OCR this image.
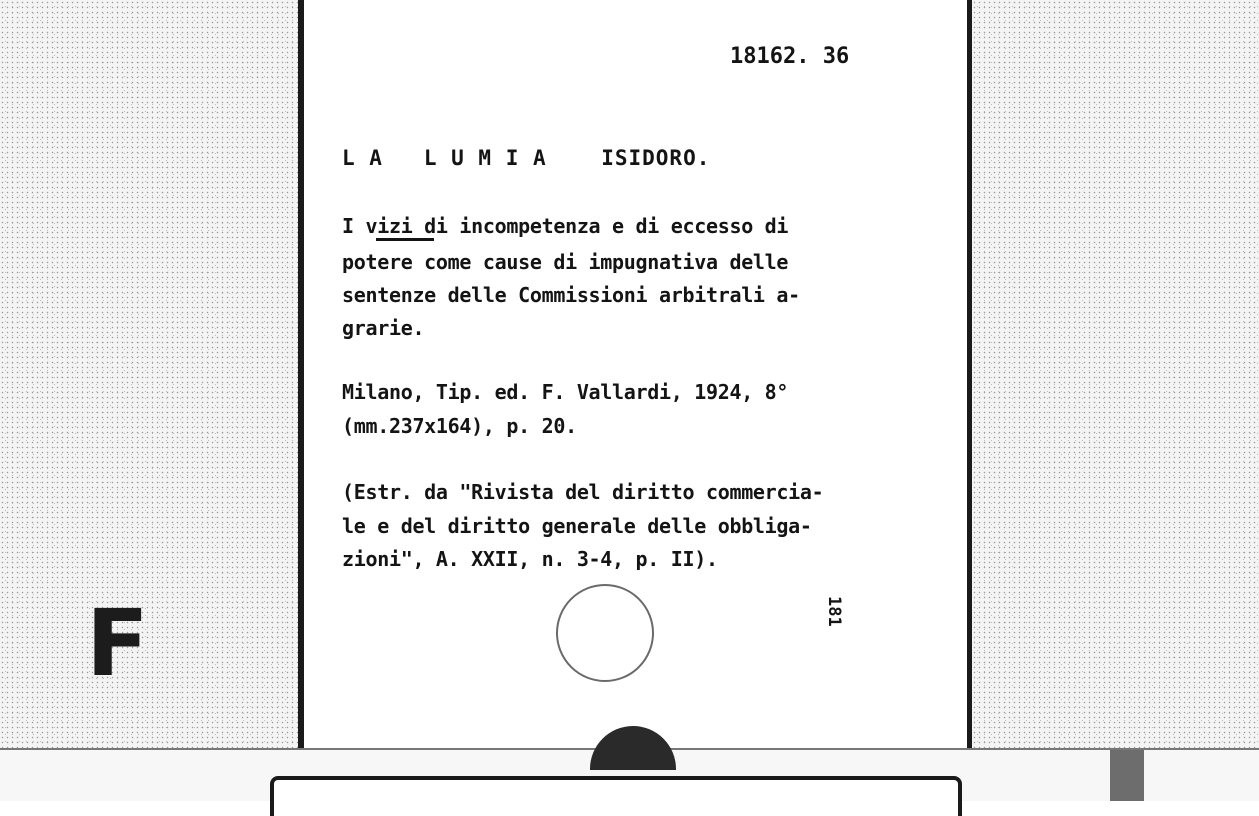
18162. 36
L A   L U M I A    ISIDORO.
I vizi di incompetenza e di eccesso di
potere come cause di impugnativa delle
sentenze delle Commissioni arbitrali a-
grarie.
Milano, Tip. ed. F. Vallardi, 1924, 8°
(mm.237x164), p. 20.
(Estr. da "Rivista del diritto commercia-
le e del diritto generale delle obbliga-
zioni", A. XXII, n. 3-4, p. II).
181
F
